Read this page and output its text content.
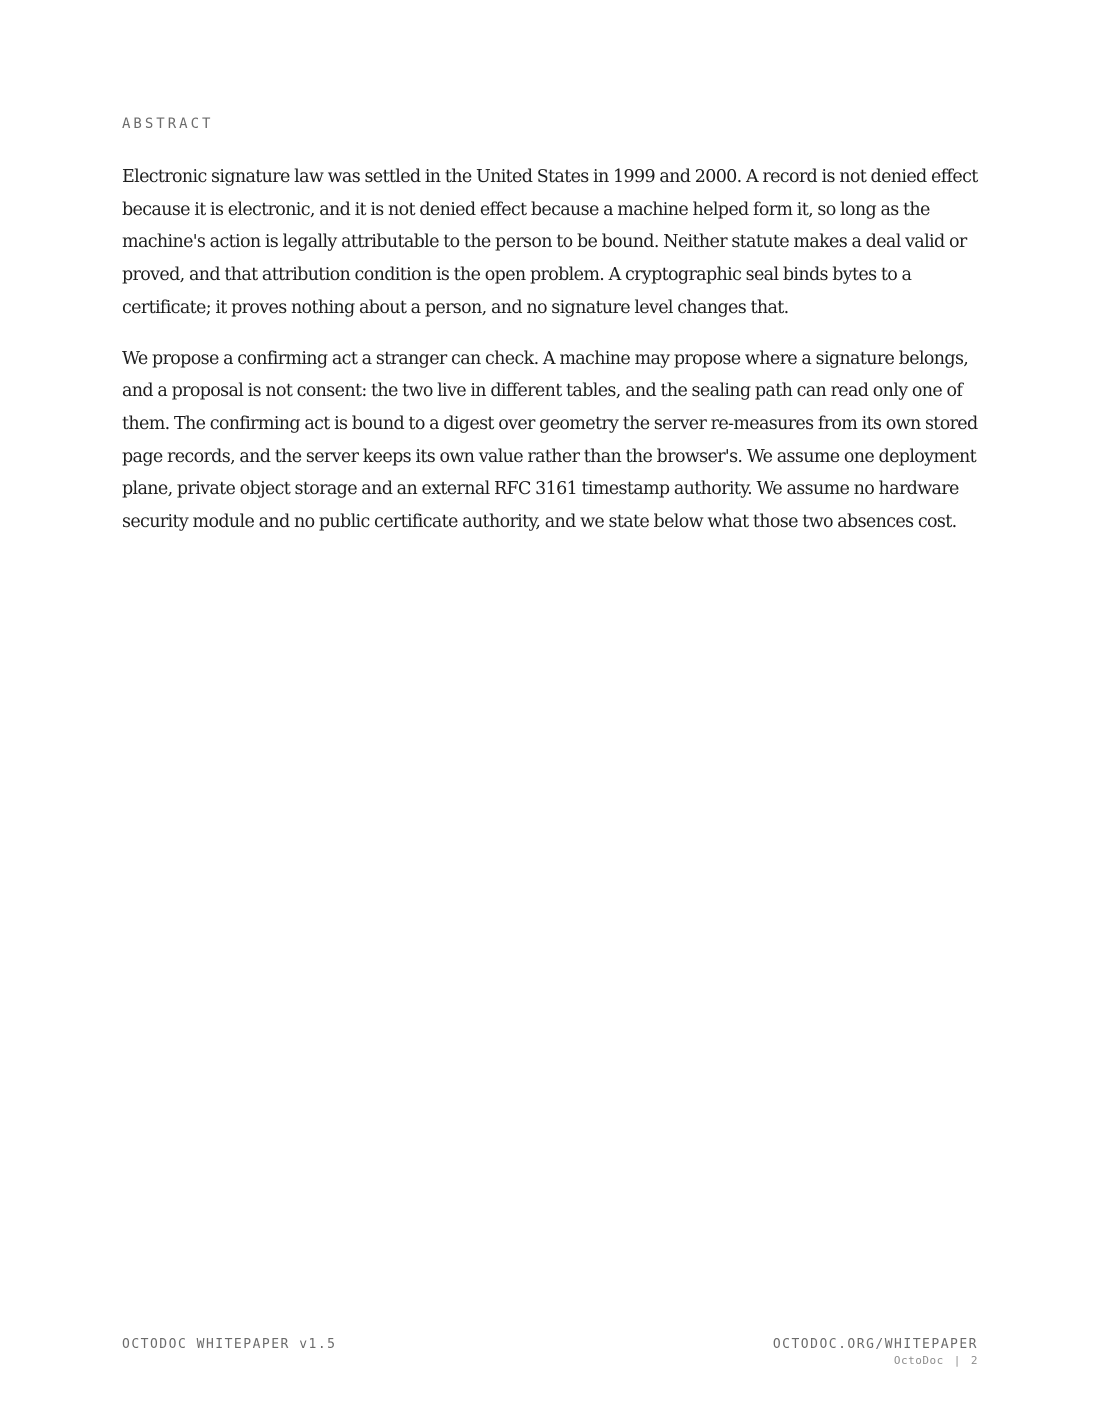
ABSTRACT

Electronic signature law was settled in the United States in 1999 and 2000. A record is not denied effect because it is electronic, and it is not denied effect because a machine helped form it, so long as the machine's action is legally attributable to the person to be bound. Neither statute makes a deal valid or proved, and that attribution condition is the open problem. A cryptographic seal binds bytes to a certificate; it proves nothing about a person, and no signature level changes that.

We propose a confirming act a stranger can check. A machine may propose where a signature belongs, and a proposal is not consent: the two live in different tables, and the sealing path can read only one of them. The confirming act is bound to a digest over geometry the server re-measures from its own stored page records, and the server keeps its own value rather than the browser's. We assume one deployment plane, private object storage and an external RFC 3161 timestamp authority. We assume no hardware security module and no public certificate authority, and we state below what those two absences cost.

OCTODOC WHITEPAPER v1.5	OCTODOC.ORG/WHITEPAPER
OctoDoc | 2
